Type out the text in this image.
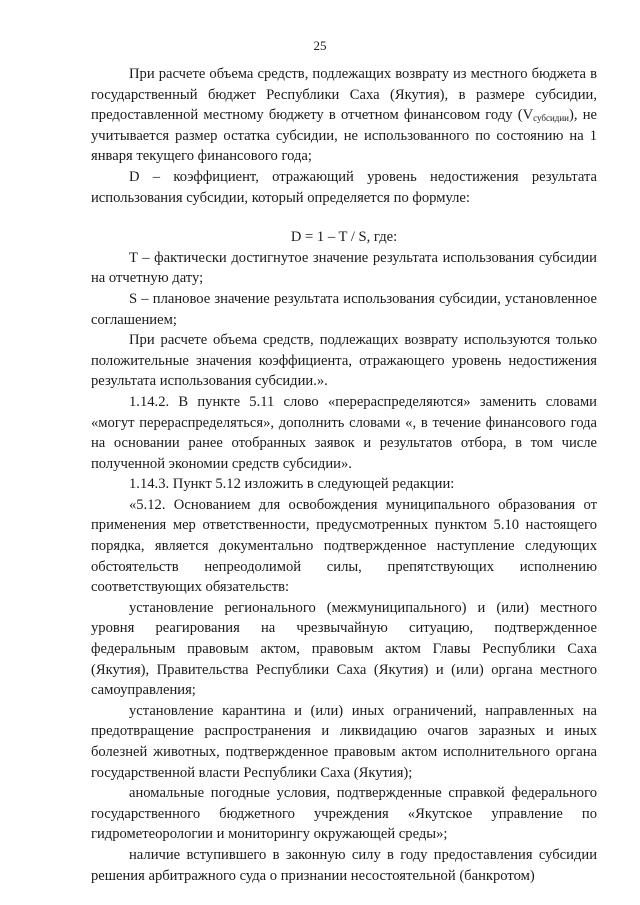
25

При расчете объема средств, подлежащих возврату из местного бюджета в государственный бюджет Республики Саха (Якутия), в размере субсидии, предоставленной местному бюджету в отчетном финансовом году $(V_{субсидии})$, не учитывается размер остатка субсидии, не использованного по состоянию на 1 января текущего финансового года;

D – коэффициент, отражающий уровень недостижения результата использования субсидии, который определяется по формуле:

D = 1 – T / S, где:

T – фактически достигнутое значение результата использования субсидии на отчетную дату;

S – плановое значение результата использования субсидии, установленное соглашением;

При расчете объема средств, подлежащих возврату используются только положительные значения коэффициента, отражающего уровень недостижения результата использования субсидии.».

1.14.2. В пункте 5.11 слово «перераспределяются» заменить словами «могут перераспределяться», дополнить словами «, в течение финансового года на основании ранее отобранных заявок и результатов отбора, в том числе полученной экономии средств субсидии».

1.14.3. Пункт 5.12 изложить в следующей редакции:

«5.12. Основанием для освобождения муниципального образования от применения мер ответственности, предусмотренных пунктом 5.10 настоящего порядка, является документально подтвержденное наступление следующих обстоятельств непреодолимой силы, препятствующих исполнению соответствующих обязательств:

установление регионального (межмуниципального) и (или) местного уровня реагирования на чрезвычайную ситуацию, подтвержденное федеральным правовым актом, правовым актом Главы Республики Саха (Якутия), Правительства Республики Саха (Якутия) и (или) органа местного самоуправления;

установление карантина и (или) иных ограничений, направленных на предотвращение распространения и ликвидацию очагов заразных и иных болезней животных, подтвержденное правовым актом исполнительного органа государственной власти Республики Саха (Якутия);

аномальные погодные условия, подтвержденные справкой федерального государственного бюджетного учреждения «Якутское управление по гидрометеорологии и мониторингу окружающей среды»;

наличие вступившего в законную силу в году предоставления субсидии решения арбитражного суда о признании несостоятельной (банкротом)
